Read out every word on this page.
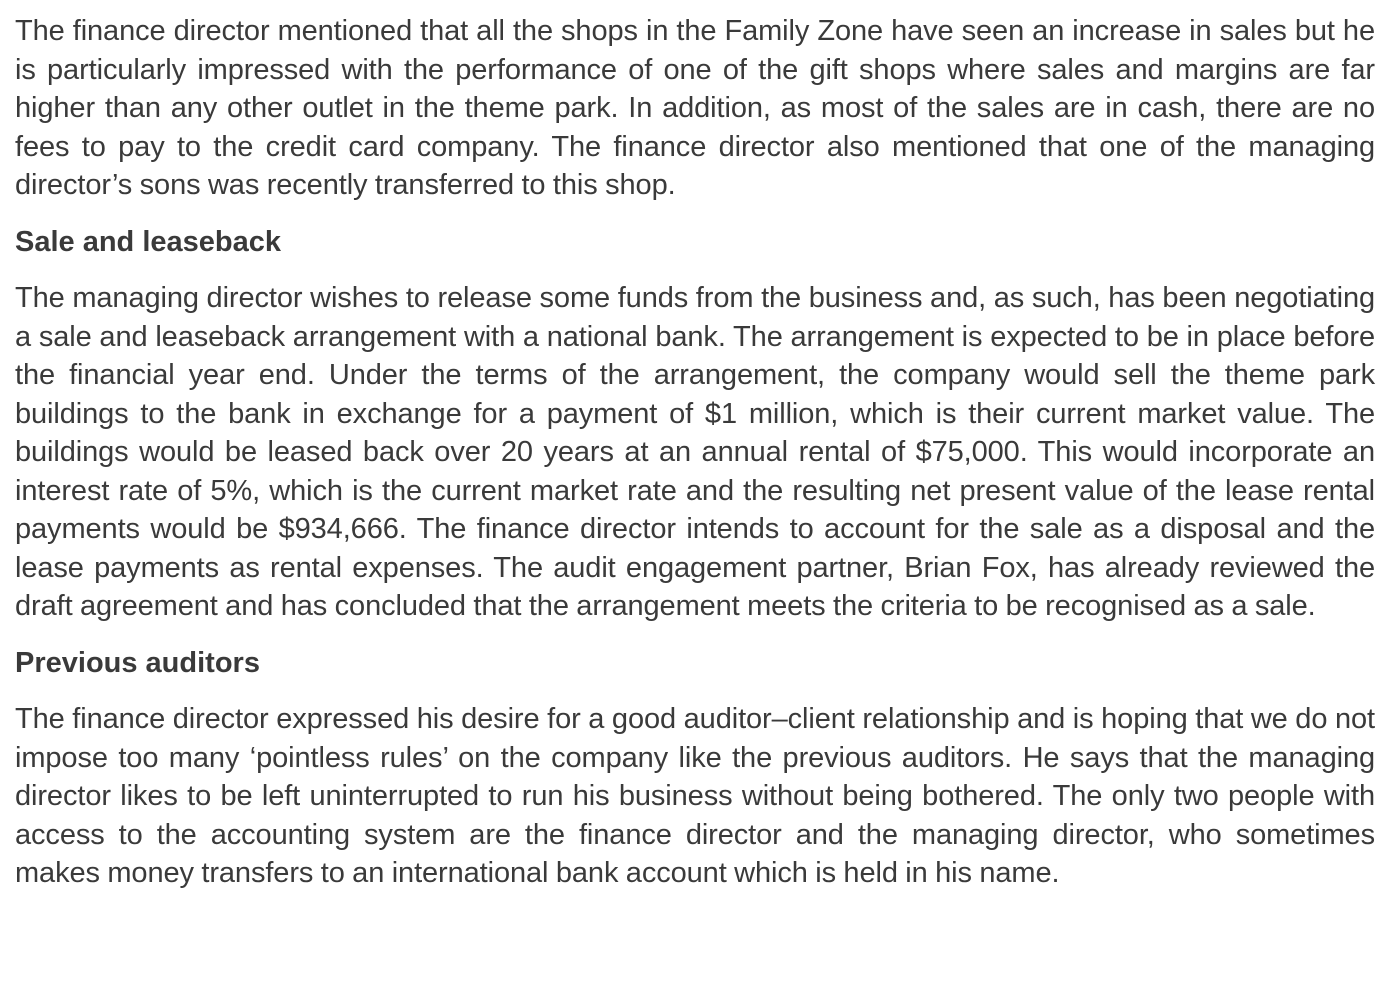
The finance director mentioned that all the shops in the Family Zone have seen an increase in sales but he is particularly impressed with the performance of one of the gift shops where sales and margins are far higher than any other outlet in the theme park. In addition, as most of the sales are in cash, there are no fees to pay to the credit card company. The finance director also mentioned that one of the managing director’s sons was recently transferred to this shop.

Sale and leaseback

The managing director wishes to release some funds from the business and, as such, has been negotiating a sale and leaseback arrangement with a national bank. The arrangement is expected to be in place before the financial year end. Under the terms of the arrangement, the company would sell the theme park buildings to the bank in exchange for a payment of $1 million, which is their current market value. The buildings would be leased back over 20 years at an annual rental of $75,000. This would incorporate an interest rate of 5%, which is the current market rate and the resulting net present value of the lease rental payments would be $934,666. The finance director intends to account for the sale as a disposal and the lease payments as rental expenses. The audit engagement partner, Brian Fox, has already reviewed the draft agreement and has concluded that the arrangement meets the criteria to be recognised as a sale.

Previous auditors

The finance director expressed his desire for a good auditor–client relationship and is hoping that we do not impose too many ‘pointless rules’ on the company like the previous auditors. He says that the managing director likes to be left uninterrupted to run his business without being bothered. The only two people with access to the accounting system are the finance director and the managing director, who sometimes makes money transfers to an international bank account which is held in his name.
